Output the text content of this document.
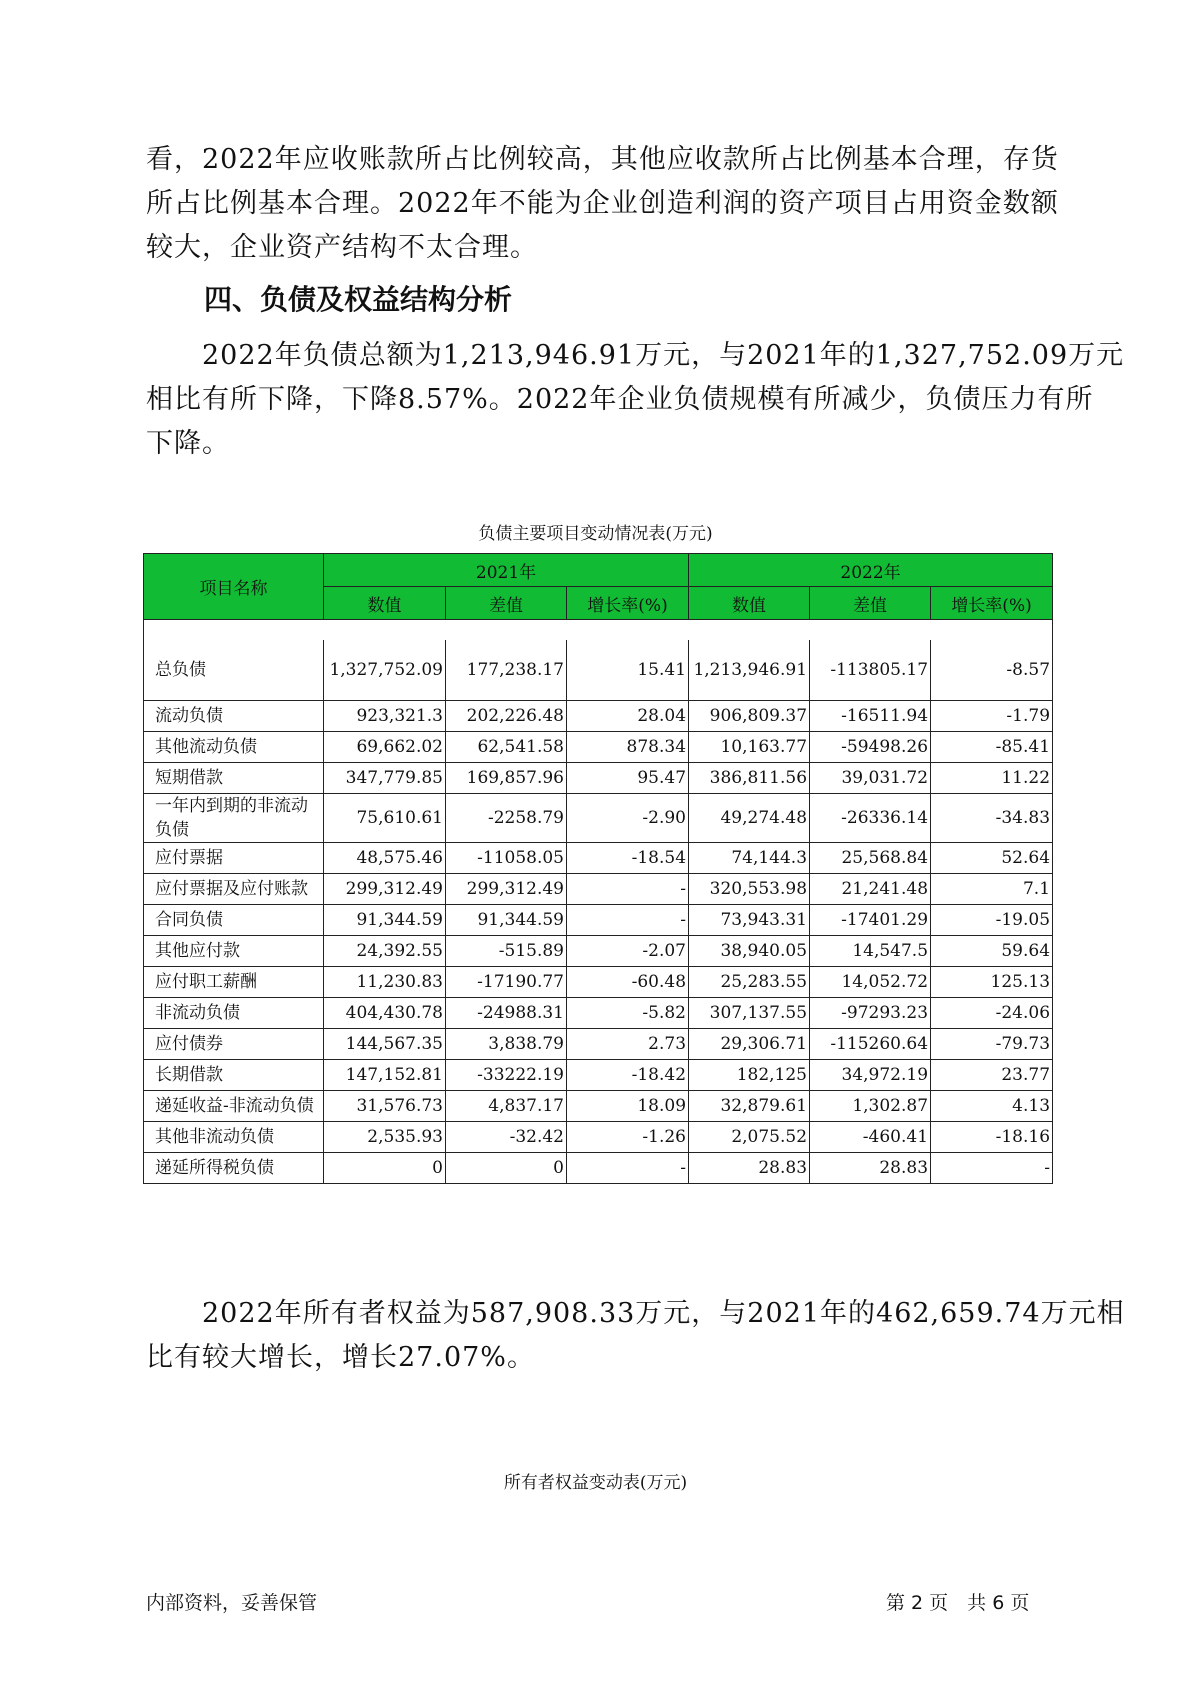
看，2022年应收账款所占比例较高，其他应收款所占比例基本合理，存货
所占比例基本合理。2022年不能为企业创造利润的资产项目占用资金数额
较大，企业资产结构不太合理。
四、负债及权益结构分析
　　2022年负债总额为1,213,946.91万元，与2021年的1,327,752.09万元
相比有所下降，下降8.57%。2022年企业负债规模有所减少，负债压力有所
下降。

负债主要项目变动情况表(万元)

项目名称	2021年			2022年		
	数值	差值	增长率(%)	数值	差值	增长率(%)

总负债	1,327,752.09	177,238.17	15.41	1,213,946.91	-113805.17	-8.57
流动负债	923,321.3	202,226.48	28.04	906,809.37	-16511.94	-1.79
其他流动负债	69,662.02	62,541.58	878.34	10,163.77	-59498.26	-85.41
短期借款	347,779.85	169,857.96	95.47	386,811.56	39,031.72	11.22
一年内到期的非流动负债	75,610.61	-2258.79	-2.90	49,274.48	-26336.14	-34.83
应付票据	48,575.46	-11058.05	-18.54	74,144.3	25,568.84	52.64
应付票据及应付账款	299,312.49	299,312.49	-	320,553.98	21,241.48	7.1
合同负债	91,344.59	91,344.59	-	73,943.31	-17401.29	-19.05
其他应付款	24,392.55	-515.89	-2.07	38,940.05	14,547.5	59.64
应付职工薪酬	11,230.83	-17190.77	-60.48	25,283.55	14,052.72	125.13
非流动负债	404,430.78	-24988.31	-5.82	307,137.55	-97293.23	-24.06
应付债券	144,567.35	3,838.79	2.73	29,306.71	-115260.64	-79.73
长期借款	147,152.81	-33222.19	-18.42	182,125	34,972.19	23.77
递延收益-非流动负债	31,576.73	4,837.17	18.09	32,879.61	1,302.87	4.13
其他非流动负债	2,535.93	-32.42	-1.26	2,075.52	-460.41	-18.16
递延所得税负债	0	0	-	28.83	28.83	-

　　2022年所有者权益为587,908.33万元，与2021年的462,659.74万元相
比有较大增长，增长27.07%。

所有者权益变动表(万元)

内部资料，妥善保管	第 2 页　共 6 页
